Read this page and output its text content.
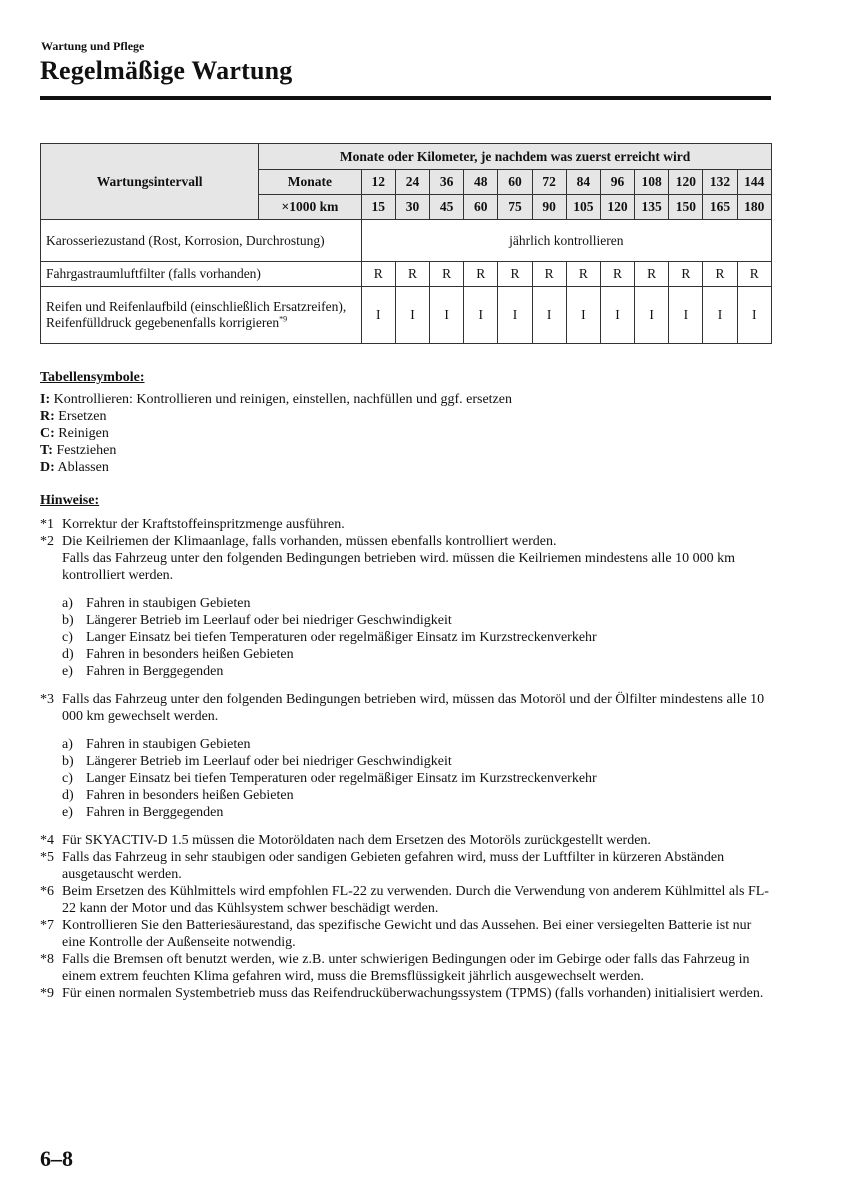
Wartung und Pflege
Regelmäßige Wartung
Wartungsintervall	Monate oder Kilometer, je nachdem was zuerst erreicht wird												
	Monate	12	24	36	48	60	72	84	96	108	120	132	144
	×1000 km	15	30	45	60	75	90	105	120	135	150	165	180
Karosseriezustand (Rost, Korrosion, Durchrostung)		jährlich kontrollieren											
Fahrgastraumluftfilter (falls vorhanden)		R	R	R	R	R	R	R	R	R	R	R	R
Reifen und Reifenlaufbild (einschließlich Ersatzreifen), Reifenfülldruck gegebenenfalls korrigieren$^{*9}$		I	I	I	I	I	I	I	I	I	I	I	I
Tabellensymbole:
I: Kontrollieren: Kontrollieren und reinigen, einstellen, nachfüllen und ggf. ersetzen
R: Ersetzen
C: Reinigen
T: Festziehen
D: Ablassen
Hinweise:
*1 Korrektur der Kraftstoffeinspritzmenge ausführen.
*2 Die Keilriemen der Klimaanlage, falls vorhanden, müssen ebenfalls kontrolliert werden.
Falls das Fahrzeug unter den folgenden Bedingungen betrieben wird. müssen die Keilriemen mindestens alle 10 000 km kontrolliert werden.
a) Fahren in staubigen Gebieten
b) Längerer Betrieb im Leerlauf oder bei niedriger Geschwindigkeit
c) Langer Einsatz bei tiefen Temperaturen oder regelmäßiger Einsatz im Kurzstreckenverkehr
d) Fahren in besonders heißen Gebieten
e) Fahren in Berggegenden
*3 Falls das Fahrzeug unter den folgenden Bedingungen betrieben wird, müssen das Motoröl und der Ölfilter mindestens alle 10 000 km gewechselt werden.
a) Fahren in staubigen Gebieten
b) Längerer Betrieb im Leerlauf oder bei niedriger Geschwindigkeit
c) Langer Einsatz bei tiefen Temperaturen oder regelmäßiger Einsatz im Kurzstreckenverkehr
d) Fahren in besonders heißen Gebieten
e) Fahren in Berggegenden
*4 Für SKYACTIV-D 1.5 müssen die Motoröldaten nach dem Ersetzen des Motoröls zurückgestellt werden.
*5 Falls das Fahrzeug in sehr staubigen oder sandigen Gebieten gefahren wird, muss der Luftfilter in kürzeren Abständen ausgetauscht werden.
*6 Beim Ersetzen des Kühlmittels wird empfohlen FL-22 zu verwenden. Durch die Verwendung von anderem Kühlmittel als FL-22 kann der Motor und das Kühlsystem schwer beschädigt werden.
*7 Kontrollieren Sie den Batteriesäurestand, das spezifische Gewicht und das Aussehen. Bei einer versiegelten Batterie ist nur eine Kontrolle der Außenseite notwendig.
*8 Falls die Bremsen oft benutzt werden, wie z.B. unter schwierigen Bedingungen oder im Gebirge oder falls das Fahrzeug in einem extrem feuchten Klima gefahren wird, muss die Bremsflüssigkeit jährlich ausgewechselt werden.
*9 Für einen normalen Systembetrieb muss das Reifendrucküberwachungssystem (TPMS) (falls vorhanden) initialisiert werden.
6–8
